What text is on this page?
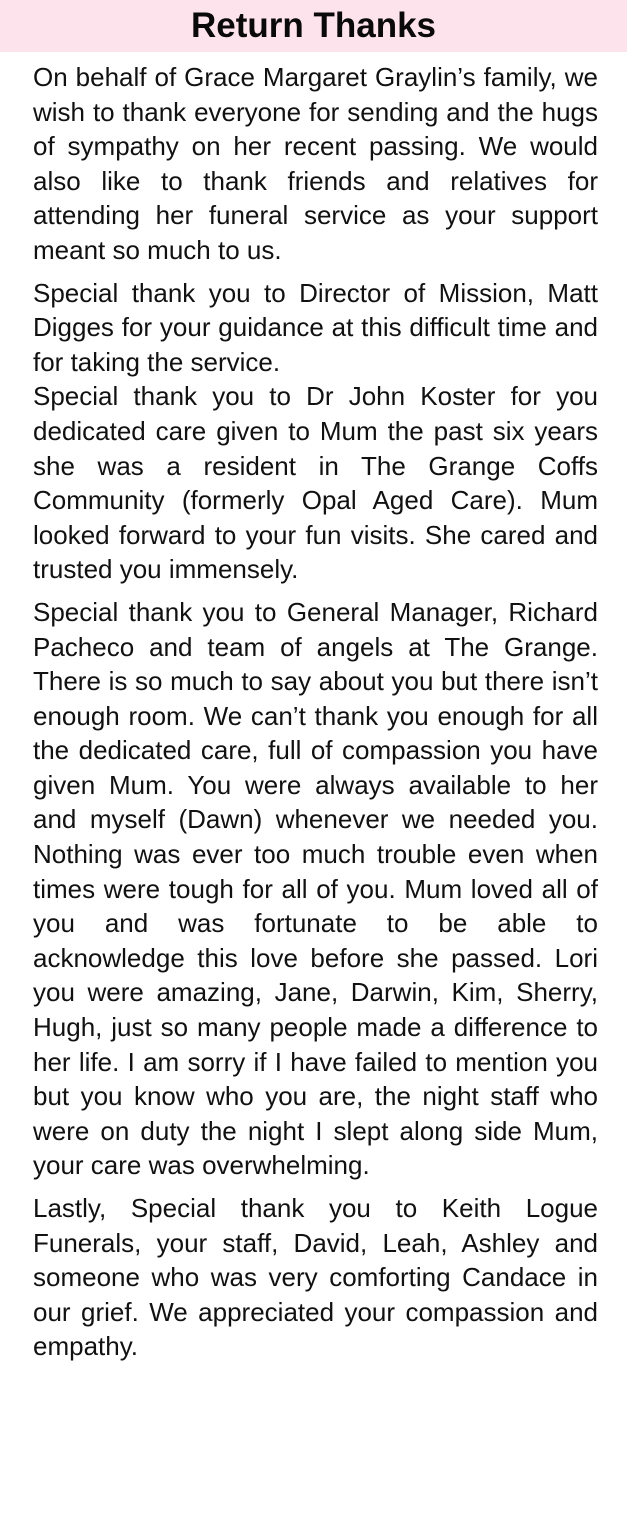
Return Thanks

On behalf of Grace Margaret Graylin’s family, we wish to thank everyone for sending and the hugs of sympathy on her recent passing. We would also like to thank friends and relatives for attending her funeral service as your support meant so much to us.

Special thank you to Director of Mission, Matt Digges for your guidance at this difficult time and for taking the service.

Special thank you to Dr John Koster for you dedicated care given to Mum the past six years she was a resident in The Grange Coffs Community (formerly Opal Aged Care). Mum looked forward to your fun visits. She cared and trusted you immensely.

Special thank you to General Manager, Richard Pacheco and team of angels at The Grange. There is so much to say about you but there isn’t enough room. We can’t thank you enough for all the dedicated care, full of compassion you have given Mum. You were always available to her and myself (Dawn) whenever we needed you. Nothing was ever too much trouble even when times were tough for all of you. Mum loved all of you and was fortunate to be able to acknowledge this love before she passed. Lori you were amazing, Jane, Darwin, Kim, Sherry, Hugh, just so many people made a difference to her life. I am sorry if I have failed to mention you but you know who you are, the night staff who were on duty the night I slept along side Mum, your care was overwhelming.

Lastly, Special thank you to Keith Logue Funerals, your staff, David, Leah, Ashley and someone who was very comforting Candace in our grief. We appreciated your compassion and empathy.
